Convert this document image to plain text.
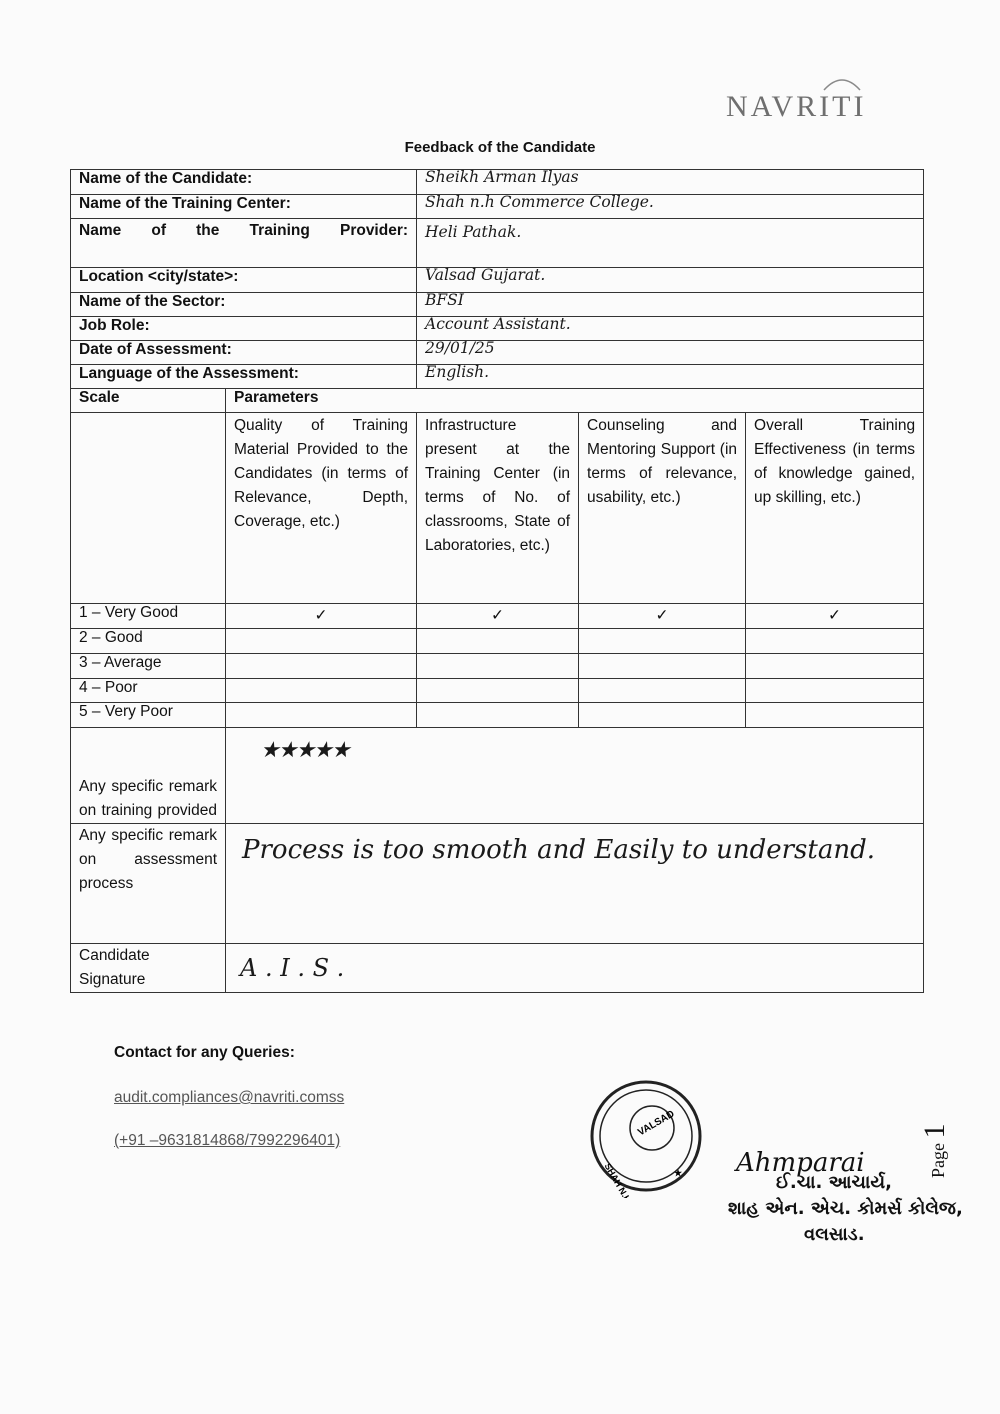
NAVRITI
Feedback of the Candidate
Name of the Candidate:		Sheikh Arman Ilyas		
Name of the Training Center:		Shah n.h Commerce College.		
Name of the Training Provider:		Heli Pathak.		
Location <city/state>:		Valsad Gujarat.		
Name of the Sector:		BFSI		
Job Role:		Account Assistant.		
Date of Assessment:		29/01/25		
Language of the Assessment:		English.		
Scale	Parameters			
	Quality of Training Material Provided to the Candidates (in terms of Relevance, Depth, Coverage, etc.)	Infrastructure present at the Training Center (in terms of No. of classrooms, State of Laboratories, etc.)	Counseling and Mentoring Support (in terms of relevance, usability, etc.)	Overall Training Effectiveness (in terms of knowledge gained, up skilling, etc.)
1 – Very Good	✓	✓	✓	✓
2 – Good				
3 – Average				
4 – Poor				
5 – Very Poor				
Any specific remark on training provided	★★★★★			
Any specific remark on assessment process	Process is too smooth and Easily to understand.			
Candidate Signature	A . I . S .			
Contact for any Queries:
audit.compliances@navriti.comss
(+91 –9631814868/7992296401)
VALSAD
SHAH N.H.	★ Ahmparai
ઈ.ચા. આચાર્ય,
શાહ એન. એચ. કોમર્સ કોલેજ,
વલસાડ.
Page 1
